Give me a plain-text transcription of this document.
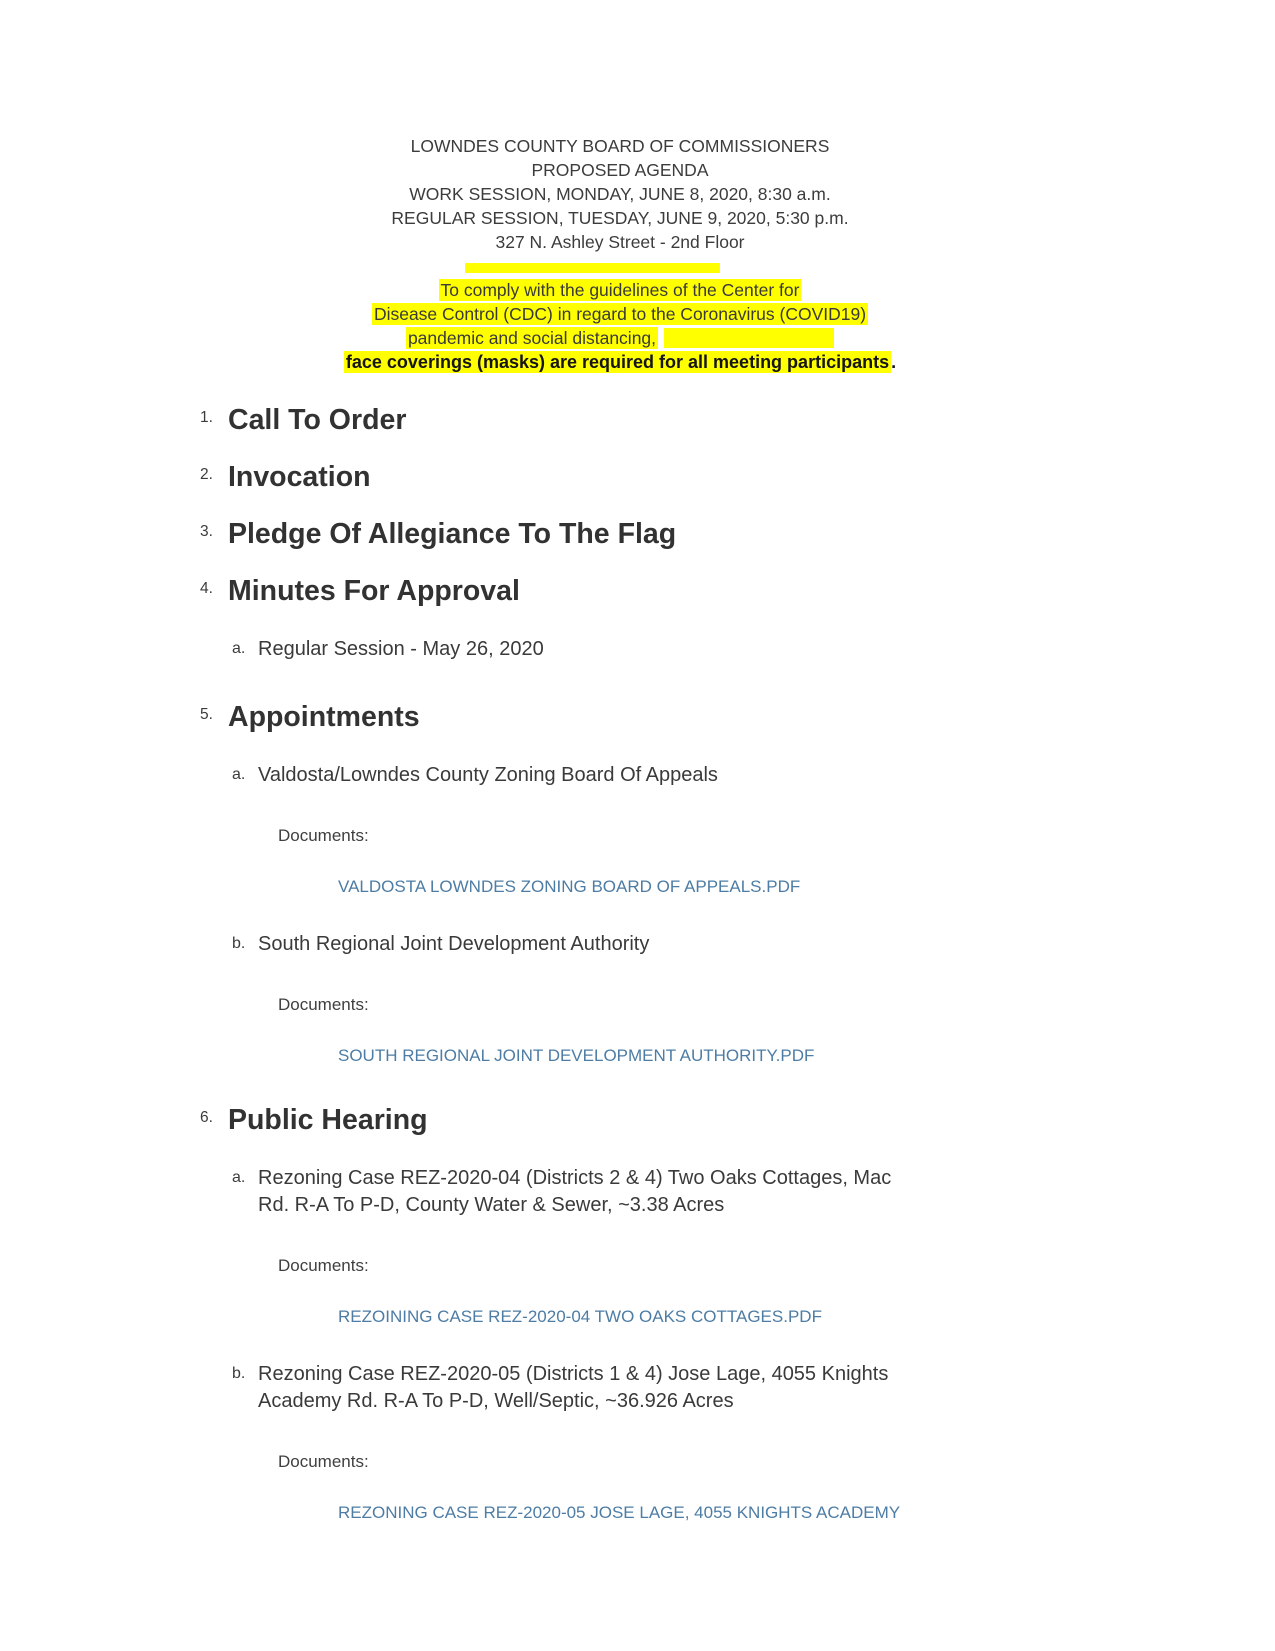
LOWNDES COUNTY BOARD OF COMMISSIONERS
PROPOSED AGENDA
WORK SESSION, MONDAY, JUNE 8, 2020, 8:30 a.m.
REGULAR SESSION, TUESDAY, JUNE 9, 2020, 5:30 p.m.
327 N. Ashley Street - 2nd Floor
To comply with the guidelines of the Center for
Disease Control (CDC) in regard to the Coronavirus (COVID19)
pandemic and social distancing,
face coverings (masks) are required for all meeting participants .
1. Call To Order
2. Invocation
3. Pledge Of Allegiance To The Flag
4. Minutes For Approval
a. Regular Session - May 26, 2020
5. Appointments
a. Valdosta/Lowndes County Zoning Board Of Appeals
Documents:
VALDOSTA LOWNDES ZONING BOARD OF APPEALS.PDF
b. South Regional Joint Development Authority
Documents:
SOUTH REGIONAL JOINT DEVELOPMENT AUTHORITY.PDF
6. Public Hearing
a. Rezoning Case REZ-2020-04 (Districts 2 & 4) Two Oaks Cottages, Mac
Rd. R-A To P-D, County Water & Sewer, ~3.38 Acres
Documents:
REZOINING CASE REZ-2020-04 TWO OAKS COTTAGES.PDF
b. Rezoning Case REZ-2020-05 (Districts 1 & 4) Jose Lage, 4055 Knights
Academy Rd. R-A To P-D, Well/Septic, ~36.926 Acres
Documents:
REZONING CASE REZ-2020-05 JOSE LAGE, 4055 KNIGHTS ACADEMY
